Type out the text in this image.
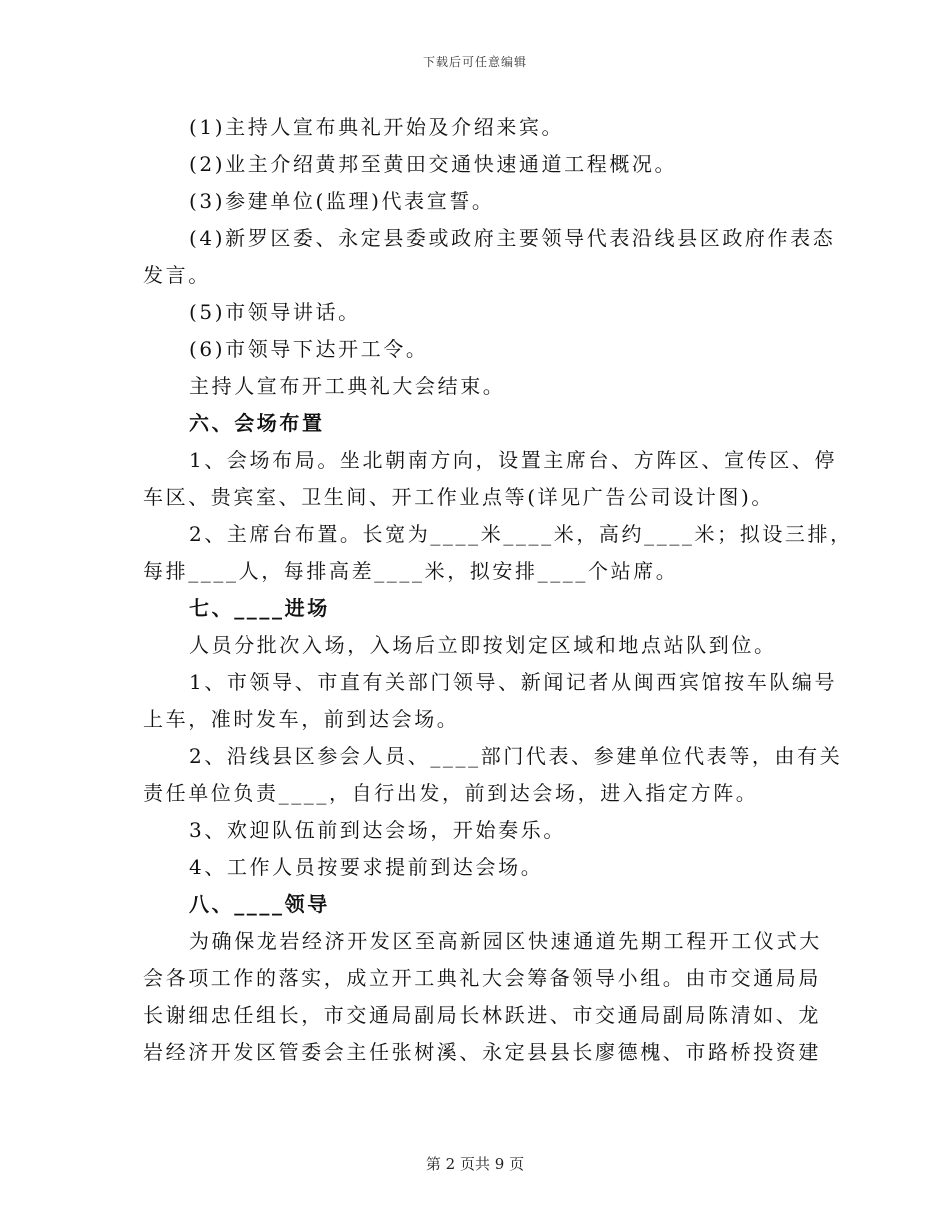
下载后可任意编辑
(1)主持人宣布典礼开始及介绍来宾。
(2)业主介绍黄邦至黄田交通快速通道工程概况。
(3)参建单位(监理)代表宣誓。
(4)新罗区委、永定县委或政府主要领导代表沿线县区政府作表态
发言。
(5)市领导讲话。
(6)市领导下达开工令。
主持人宣布开工典礼大会结束。
六、会场布置
1、会场布局。坐北朝南方向，设置主席台、方阵区、宣传区、停
车区、贵宾室、卫生间、开工作业点等(详见广告公司设计图)。
2、主席台布置。长宽为____米____米，高约____米；拟设三排，
每排____人，每排高差____米，拟安排____个站席。
七、____进场
人员分批次入场，入场后立即按划定区域和地点站队到位。
1、市领导、市直有关部门领导、新闻记者从闽西宾馆按车队编号
上车，准时发车，前到达会场。
2、沿线县区参会人员、____部门代表、参建单位代表等，由有关
责任单位负责____，自行出发，前到达会场，进入指定方阵。
3、欢迎队伍前到达会场，开始奏乐。
4、工作人员按要求提前到达会场。
八、____领导
为确保龙岩经济开发区至高新园区快速通道先期工程开工仪式大
会各项工作的落实，成立开工典礼大会筹备领导小组。由市交通局局
长谢细忠任组长，市交通局副局长林跃进、市交通局副局陈清如、龙
岩经济开发区管委会主任张树溪、永定县县长廖德槐、市路桥投资建
第 2 页共 9 页
